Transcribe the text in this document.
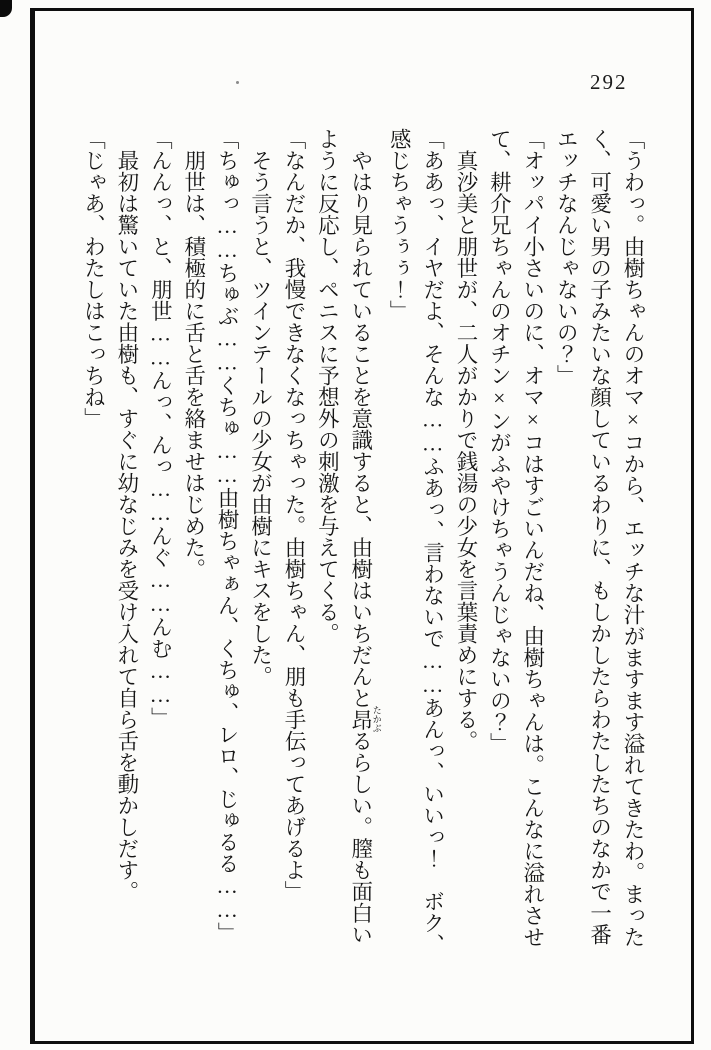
292
「うわっ。由樹ちゃんのオマ×コから、エッチな汁がますます溢れてきたわ。まった
く、可愛い男の子みたいな顔しているわりに、もしかしたらわたしたちのなかで一番
エッチなんじゃないの？」
「オッパイ小さいのに、オマ×コはすごいんだね、由樹ちゃんは。こんなに溢れさせ
て、耕介兄ちゃんのオチン×ンがふやけちゃうんじゃないの？」
　真沙美と朋世が、二人がかりで銭湯の少女を言葉責めにする。
「ああっ、イヤだよ、そんな……ふあっ、言わないで……あんっ、いいっ！　ボク、
感じちゃうぅぅ！」
　やはり見られていることを意識すると、由樹はいちだんと昂 たかぶるらしい。膣も面白い
ように反応し、ペニスに予想外の刺激を与えてくる。
「なんだか、我慢できなくなっちゃった。由樹ちゃん、朋も手伝ってあげるよ」
　そう言うと、ツインテールの少女が由樹にキスをした。
「ちゅっ……ちゅぶ……くちゅ……由樹ちゃぁん、くちゅ、レロ、じゅるる……」
　朋世は、積極的に舌と舌を絡ませはじめた。
「んんっ、と、朋世……んっ、んっ……んぐ……んむ……」
　最初は驚いていた由樹も、すぐに幼なじみを受け入れて自ら舌を動かしだす。
「じゃあ、わたしはこっちね」
